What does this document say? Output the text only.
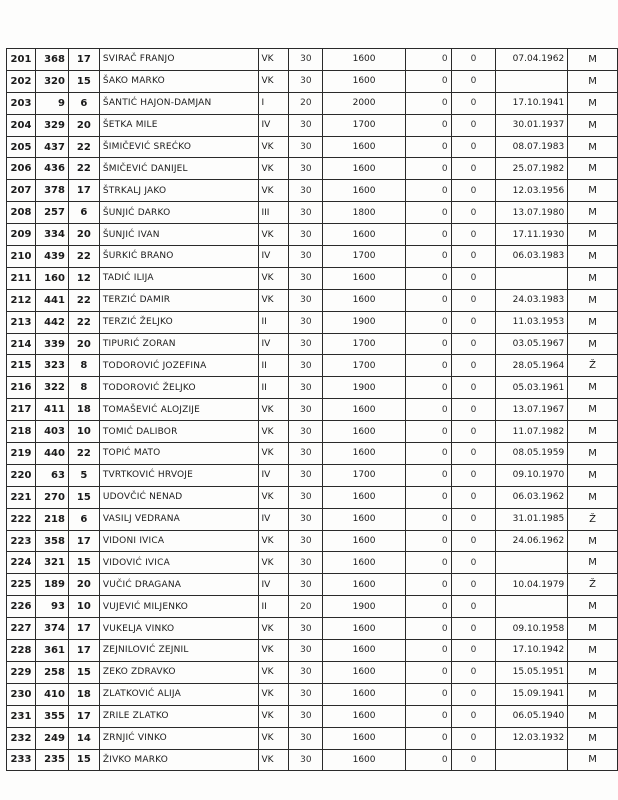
201	368	17	SVIRAČ FRANJO	VK	30	1600	0	0	07.04.1962	M
202	320	15	ŠAKO MARKO	VK	30	1600	0	0		M
203	9	6	ŠANTIĆ HAJON-DAMJAN	I	20	2000	0	0	17.10.1941	M
204	329	20	ŠETKA MILE	IV	30	1700	0	0	30.01.1937	M
205	437	22	ŠIMIČEVIĆ SREĆKO	VK	30	1600	0	0	08.07.1983	M
206	436	22	ŠMIČEVIĆ DANIJEL	VK	30	1600	0	0	25.07.1982	M
207	378	17	ŠTRKALJ JAKO	VK	30	1600	0	0	12.03.1956	M
208	257	6	ŠUNJIĆ DARKO	III	30	1800	0	0	13.07.1980	M
209	334	20	ŠUNJIĆ IVAN	VK	30	1600	0	0	17.11.1930	M
210	439	22	ŠURKIĆ BRANO	IV	30	1700	0	0	06.03.1983	M
211	160	12	TADIĆ ILIJA	VK	30	1600	0	0		M
212	441	22	TERZIĆ DAMIR	VK	30	1600	0	0	24.03.1983	M
213	442	22	TERZIĆ ŽELJKO	II	30	1900	0	0	11.03.1953	M
214	339	20	TIPURIĆ ZORAN	IV	30	1700	0	0	03.05.1967	M
215	323	8	TODOROVIĆ JOZEFINA	II	30	1700	0	0	28.05.1964	Ž
216	322	8	TODOROVIĆ ŽELJKO	II	30	1900	0	0	05.03.1961	M
217	411	18	TOMAŠEVIĆ ALOJZIJE	VK	30	1600	0	0	13.07.1967	M
218	403	10	TOMIĆ DALIBOR	VK	30	1600	0	0	11.07.1982	M
219	440	22	TOPIĆ MATO	VK	30	1600	0	0	08.05.1959	M
220	63	5	TVRTKOVIĆ HRVOJE	IV	30	1700	0	0	09.10.1970	M
221	270	15	UDOVČIĆ NENAD	VK	30	1600	0	0	06.03.1962	M
222	218	6	VASILJ VEDRANA	IV	30	1600	0	0	31.01.1985	Ž
223	358	17	VIDONI IVICA	VK	30	1600	0	0	24.06.1962	M
224	321	15	VIDOVIĆ IVICA	VK	30	1600	0	0		M
225	189	20	VUČIĆ DRAGANA	IV	30	1600	0	0	10.04.1979	Ž
226	93	10	VUJEVIĆ MILJENKO	II	20	1900	0	0		M
227	374	17	VUKELJA VINKO	VK	30	1600	0	0	09.10.1958	M
228	361	17	ZEJNILOVIĆ ZEJNIL	VK	30	1600	0	0	17.10.1942	M
229	258	15	ZEKO ZDRAVKO	VK	30	1600	0	0	15.05.1951	M
230	410	18	ZLATKOVIĆ ALIJA	VK	30	1600	0	0	15.09.1941	M
231	355	17	ZRILE ZLATKO	VK	30	1600	0	0	06.05.1940	M
232	249	14	ZRNJIĆ VINKO	VK	30	1600	0	0	12.03.1932	M
233	235	15	ŽIVKO MARKO	VK	30	1600	0	0		M
